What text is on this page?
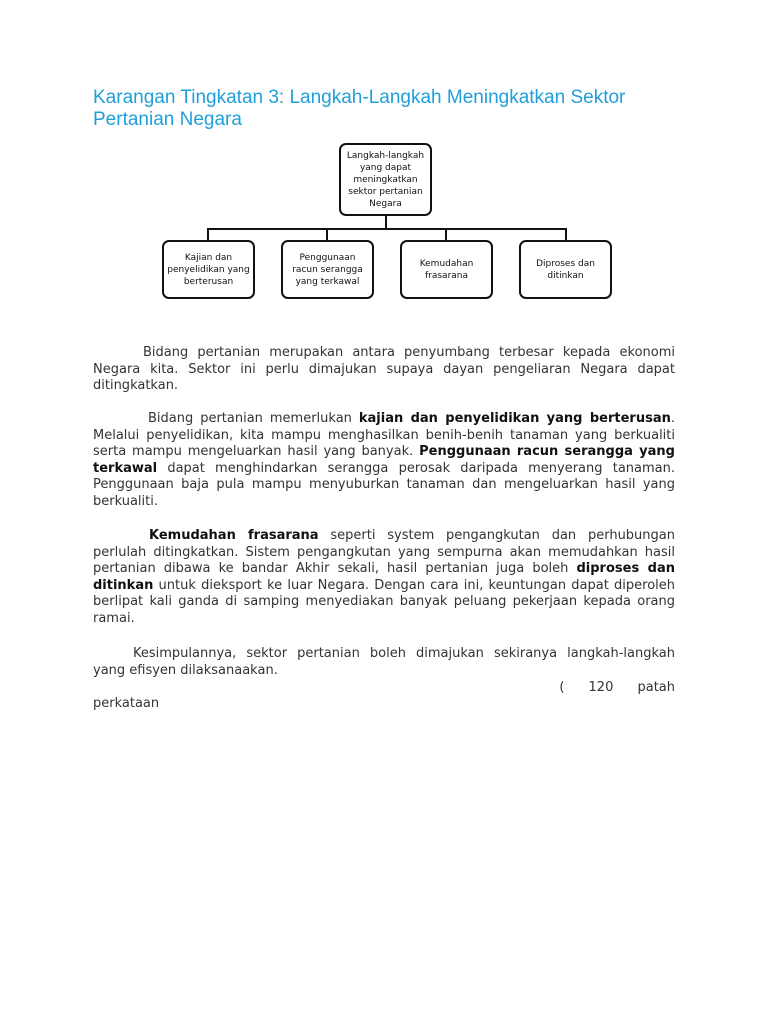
Karangan Tingkatan 3: Langkah-Langkah Meningkatkan Sektor Pertanian Negara
Langkah-langkah yang dapat meningkatkan sektor pertanian Negara
Kajian dan penyelidikan yang berterusan
Penggunaan racun serangga yang terkawal
Kemudahan frasarana
Diproses dan ditinkan

Bidang pertanian merupakan antara penyumbang terbesar kepada ekonomi Negara kita. Sektor ini perlu dimajukan supaya dayan pengeliaran Negara dapat ditingkatkan.

Bidang pertanian memerlukan kajian dan penyelidikan yang berterusan. Melalui penyelidikan, kita mampu menghasilkan benih-benih tanaman yang berkualiti serta mampu mengeluarkan hasil yang banyak. Penggunaan racun serangga yang terkawal dapat menghindarkan serangga perosak daripada menyerang tanaman. Penggunaan baja pula mampu menyuburkan tanaman dan mengeluarkan hasil yang berkualiti.

Kemudahan frasarana seperti system pengangkutan dan perhubungan perlulah ditingkatkan. Sistem pengangkutan yang sempurna akan memudahkan hasil pertanian dibawa ke bandar Akhir sekali, hasil pertanian juga boleh diproses dan ditinkan untuk dieksport ke luar Negara. Dengan cara ini, keuntungan dapat diperoleh berlipat kali ganda di samping menyediakan banyak peluang pekerjaan kepada orang ramai.

Kesimpulannya, sektor pertanian boleh dimajukan sekiranya langkah-langkah yang efisyen dilaksanaakan.

( 120 patah

perkataan
